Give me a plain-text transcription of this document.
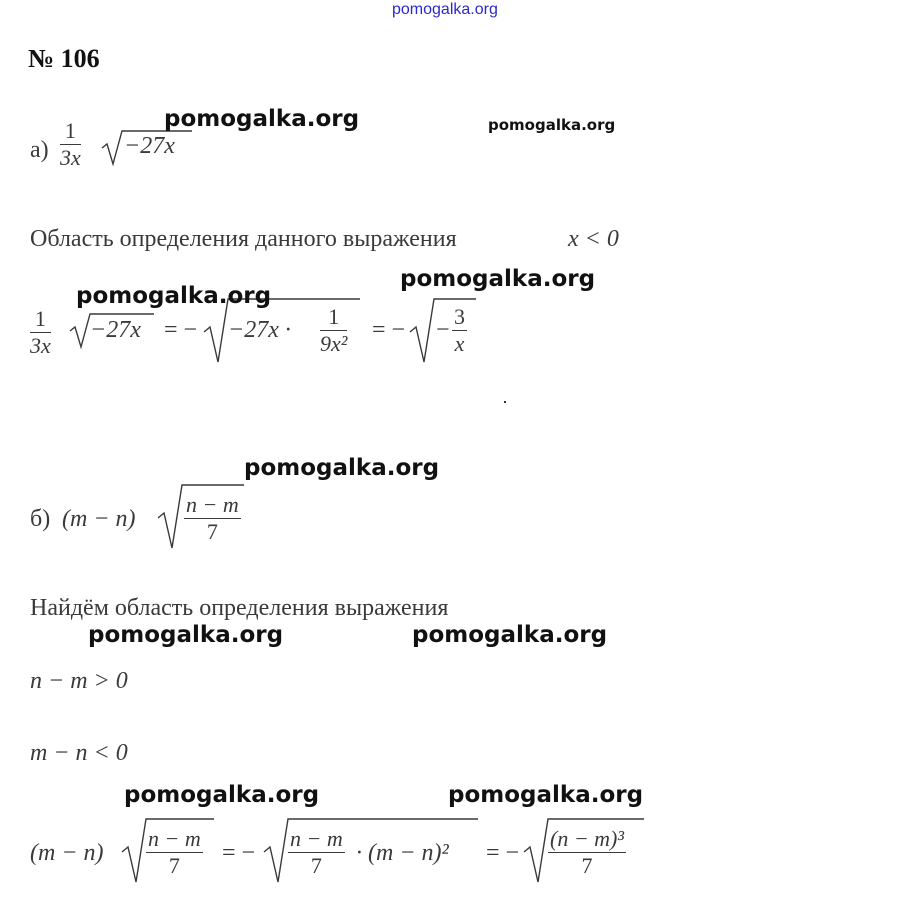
pomogalka.org
№ 106
$а) \frac{1}{3x} -27x$
Область определения данного выражения	x < 0
$\frac{1}{3x} -27x$ = − $-27x \cdot \frac{1}{\text{9x²}}$ = − − $\frac{3}{x}$
б) $(m - n) \frac{n - m}{7}$
Найдём область определения выражения
n − m > 0
m − n < 0
$(m - n) \frac{n - m}{7}$ = − $\frac{n - m}{7} \cdot (m - n)^2$ = − $\frac{\text{(n − m)³}}{7}$
pomogalka.org	pomogalka.org
pomogalka.org
pomogalka.org
pomogalka.org
pomogalka.org	pomogalka.org
pomogalka.org	pomogalka.org
